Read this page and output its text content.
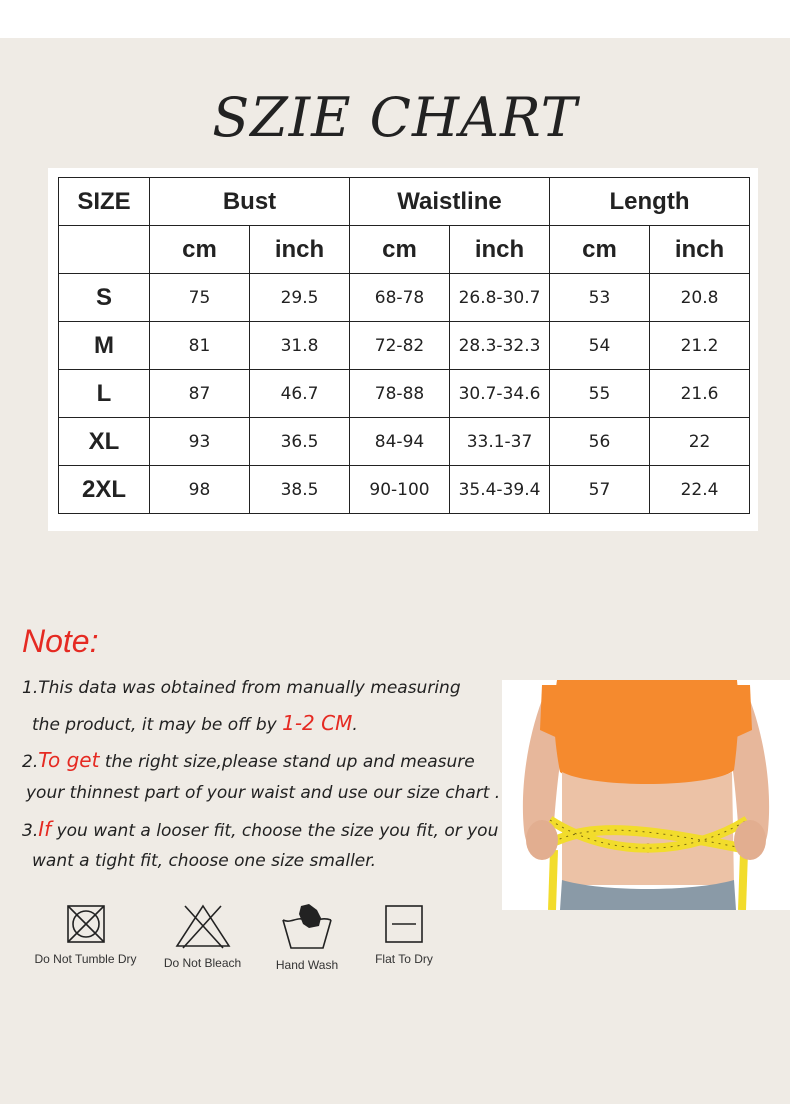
SZIE CHART
SIZE	Bust		Waistline		Length	
	cm	inch	cm	inch	cm	inch
S	75	29.5	68-78	26.8-30.7	53	20.8
M	81	31.8	72-82	28.3-32.3	54	21.2
L	87	46.7	78-88	30.7-34.6	55	21.6
XL	93	36.5	84-94	33.1-37	56	22
2XL	98	38.5	90-100	35.4-39.4	57	22.4
Note:
1.This data was obtained from manually measuring
the product, it may be off by 1-2 CM.
2.To get the right size,please stand up and measure
your thinnest part of your waist and use our size chart .
3.If you want a looser fit, choose the size you fit, or you
want a tight fit, choose one size smaller.
Do Not Tumble Dry	Do Not Bleach	Hand Wash	Flat To Dry
